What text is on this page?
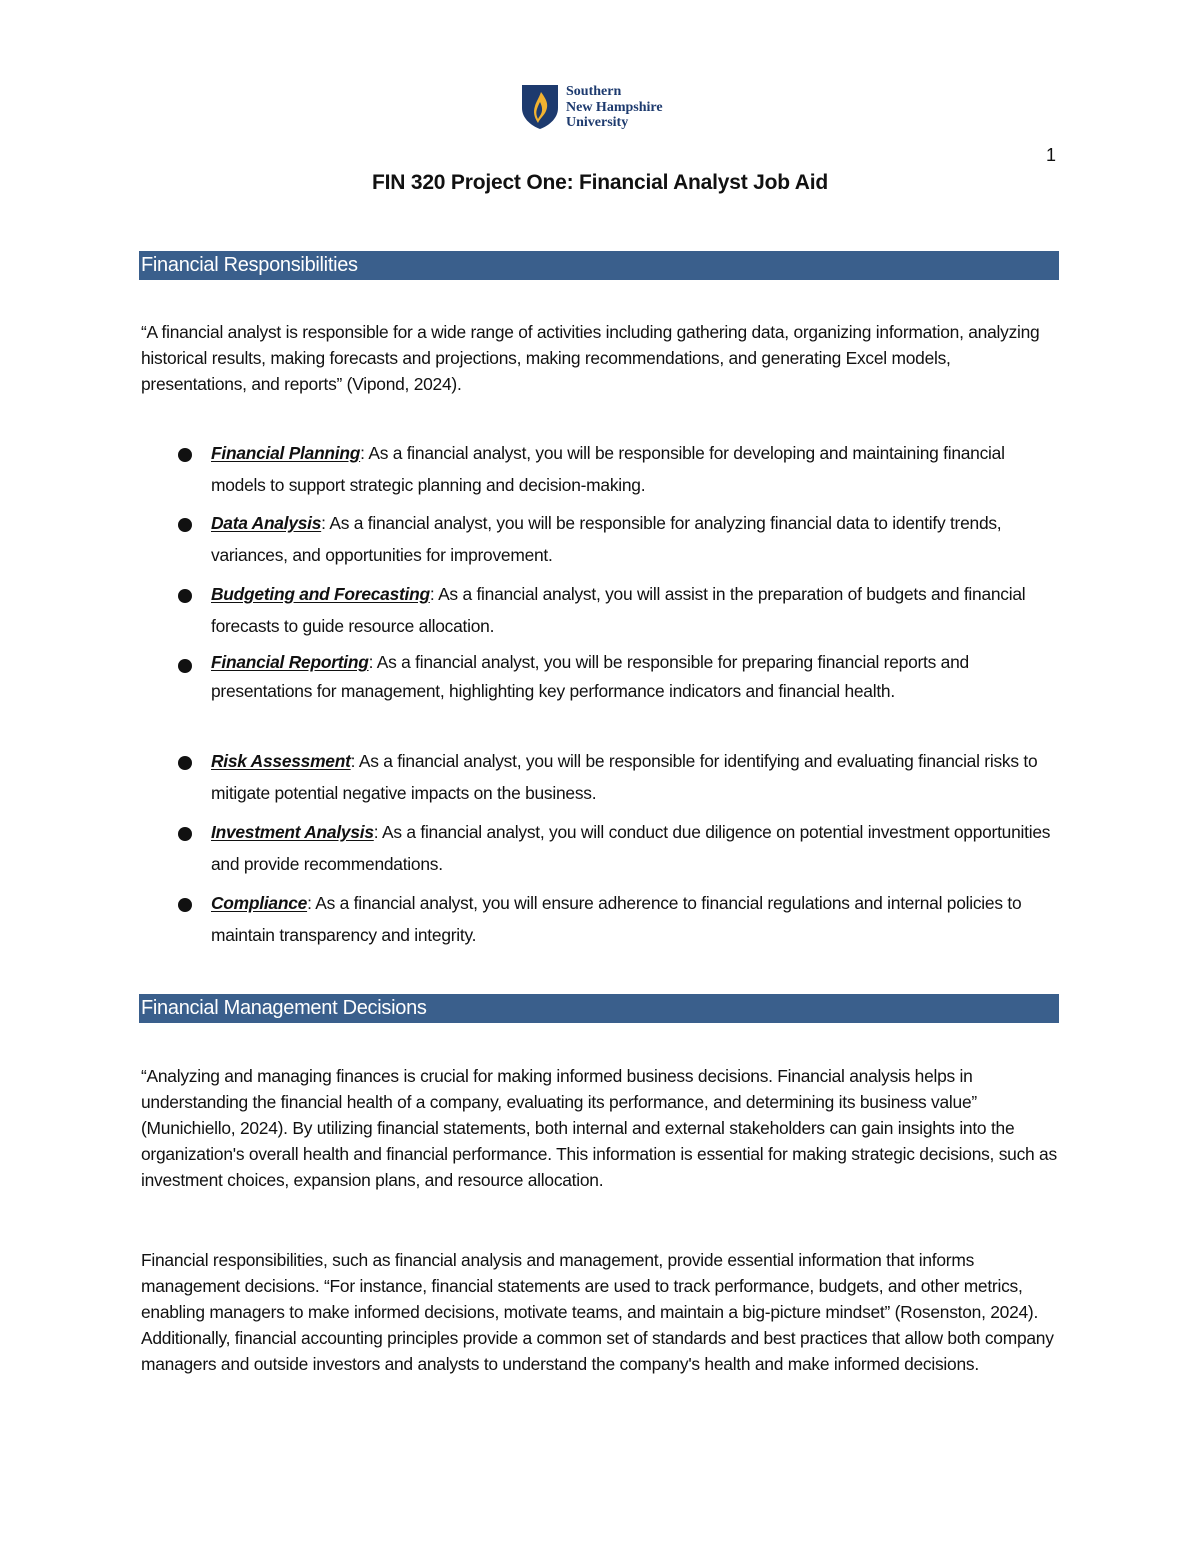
Southern
New Hampshire
University
1
FIN 320 Project One: Financial Analyst Job Aid
Financial Responsibilities

“A financial analyst is responsible for a wide range of activities including gathering data, organizing information, analyzing historical results, making forecasts and projections, making recommendations, and generating Excel models, presentations, and reports” (Vipond, 2024).

Financial Planning: As a financial analyst, you will be responsible for developing and maintaining financial models to support strategic planning and decision-making.
Data Analysis: As a financial analyst, you will be responsible for analyzing financial data to identify trends, variances, and opportunities for improvement.
Budgeting and Forecasting: As a financial analyst, you will assist in the preparation of budgets and financial forecasts to guide resource allocation.
Financial Reporting: As a financial analyst, you will be responsible for preparing financial reports and presentations for management, highlighting key performance indicators and financial health.
Risk Assessment: As a financial analyst, you will be responsible for identifying and evaluating financial risks to mitigate potential negative impacts on the business.
Investment Analysis: As a financial analyst, you will conduct due diligence on potential investment opportunities and provide recommendations.
Compliance: As a financial analyst, you will ensure adherence to financial regulations and internal policies to maintain transparency and integrity.
Financial Management Decisions

“Analyzing and managing finances is crucial for making informed business decisions. Financial analysis helps in understanding the financial health of a company, evaluating its performance, and determining its business value” (Munichiello, 2024). By utilizing financial statements, both internal and external stakeholders can gain insights into the organization's overall health and financial performance. This information is essential for making strategic decisions, such as investment choices, expansion plans, and resource allocation.

Financial responsibilities, such as financial analysis and management, provide essential information that informs management decisions. “For instance, financial statements are used to track performance, budgets, and other metrics, enabling managers to make informed decisions, motivate teams, and maintain a big-picture mindset” (Rosenston, 2024). Additionally, financial accounting principles provide a common set of standards and best practices that allow both company managers and outside investors and analysts to understand the company's health and make informed decisions.
